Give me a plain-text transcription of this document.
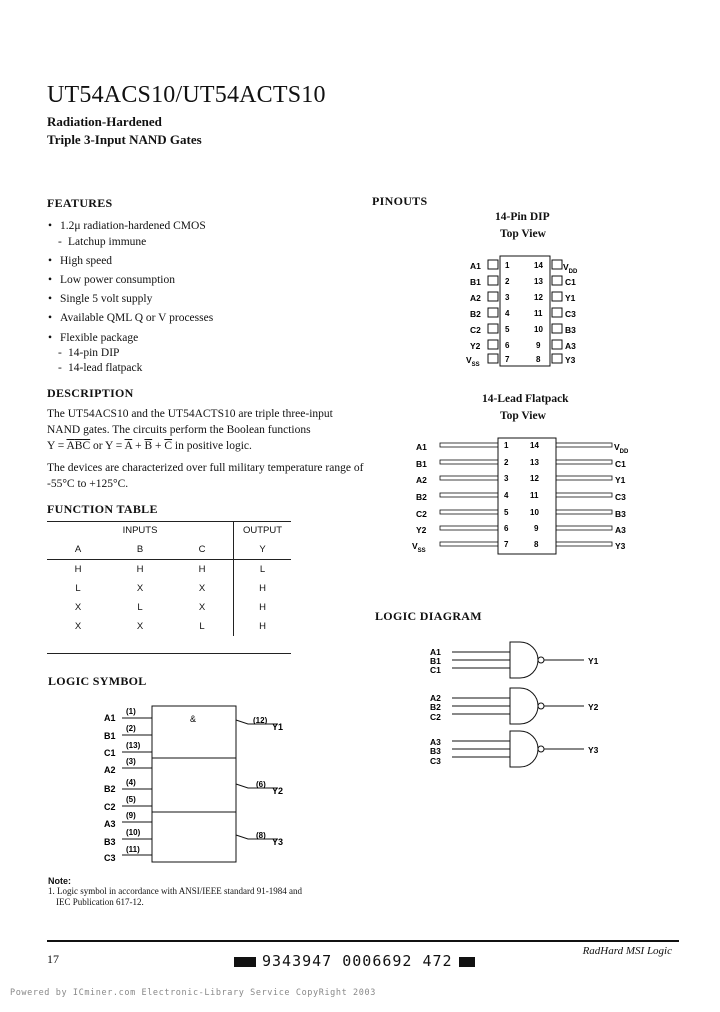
UT54ACS10/UT54ACTS10
Radiation-Hardened
Triple 3-Input NAND Gates
FEATURES
• 1.2μ radiation-hardened CMOS
- Latchup immune
• High speed
• Low power consumption
• Single 5 volt supply
• Available QML Q or V processes
• Flexible package
- 14-pin DIP
- 14-lead flatpack
DESCRIPTION
The UT54ACS10 and the UT54ACTS10 are triple three-input NAND gates. The circuits perform the Boolean functions
$Y = \overline{A}\overline{B}\overline{C}$ or $Y = \overline{A} + \overline{B} + \overline{C}$ in positive logic.
The devices are characterized over full military temperature range of -55°C to +125°C.
FUNCTION TABLE
INPUTS			OUTPUT
A	B	C	Y
H	H	H	L
L	X	X	H
X	L	X	H
X	X	L	H
LOGIC SYMBOL
&
A1
(1)
B1
(2)
C1
(13)
A2
(3)
B2
(4)
C2
(5)
A3
(9)
B3
(10)
C3
(11)
(12)
Y1
(6)
Y2
(8)
Y3
Note:
1. Logic symbol in accordance with ANSI/IEEE standard 91-1984 and
IEC Publication 617-12.
PINOUTS
14-Pin DIP
Top View
A1	1
B1	2
A2	3
B2	4
C2	5
Y2	6
$V_{SS}$
7
14 $V_{DD}$
13	C1
12	Y1
11	C3
10	B3
9	A3
8	Y3
14-Lead Flatpack
Top View
A1	1
B1	2
A2	3
B2	4
C2	5
Y2	6
$V_{SS}$
7
14	$V_{DD}$
13	C1
12	Y1
11	C3
10	B3
9	A3
8	Y3
LOGIC DIAGRAM
A1
B1
C1
Y1
A2
B2
C2
Y2
A3
B3
C3
Y3
17	9343947 0006692 472
RadHard MSI Logic
Powered by ICminer.com Electronic-Library Service CopyRight 2003
